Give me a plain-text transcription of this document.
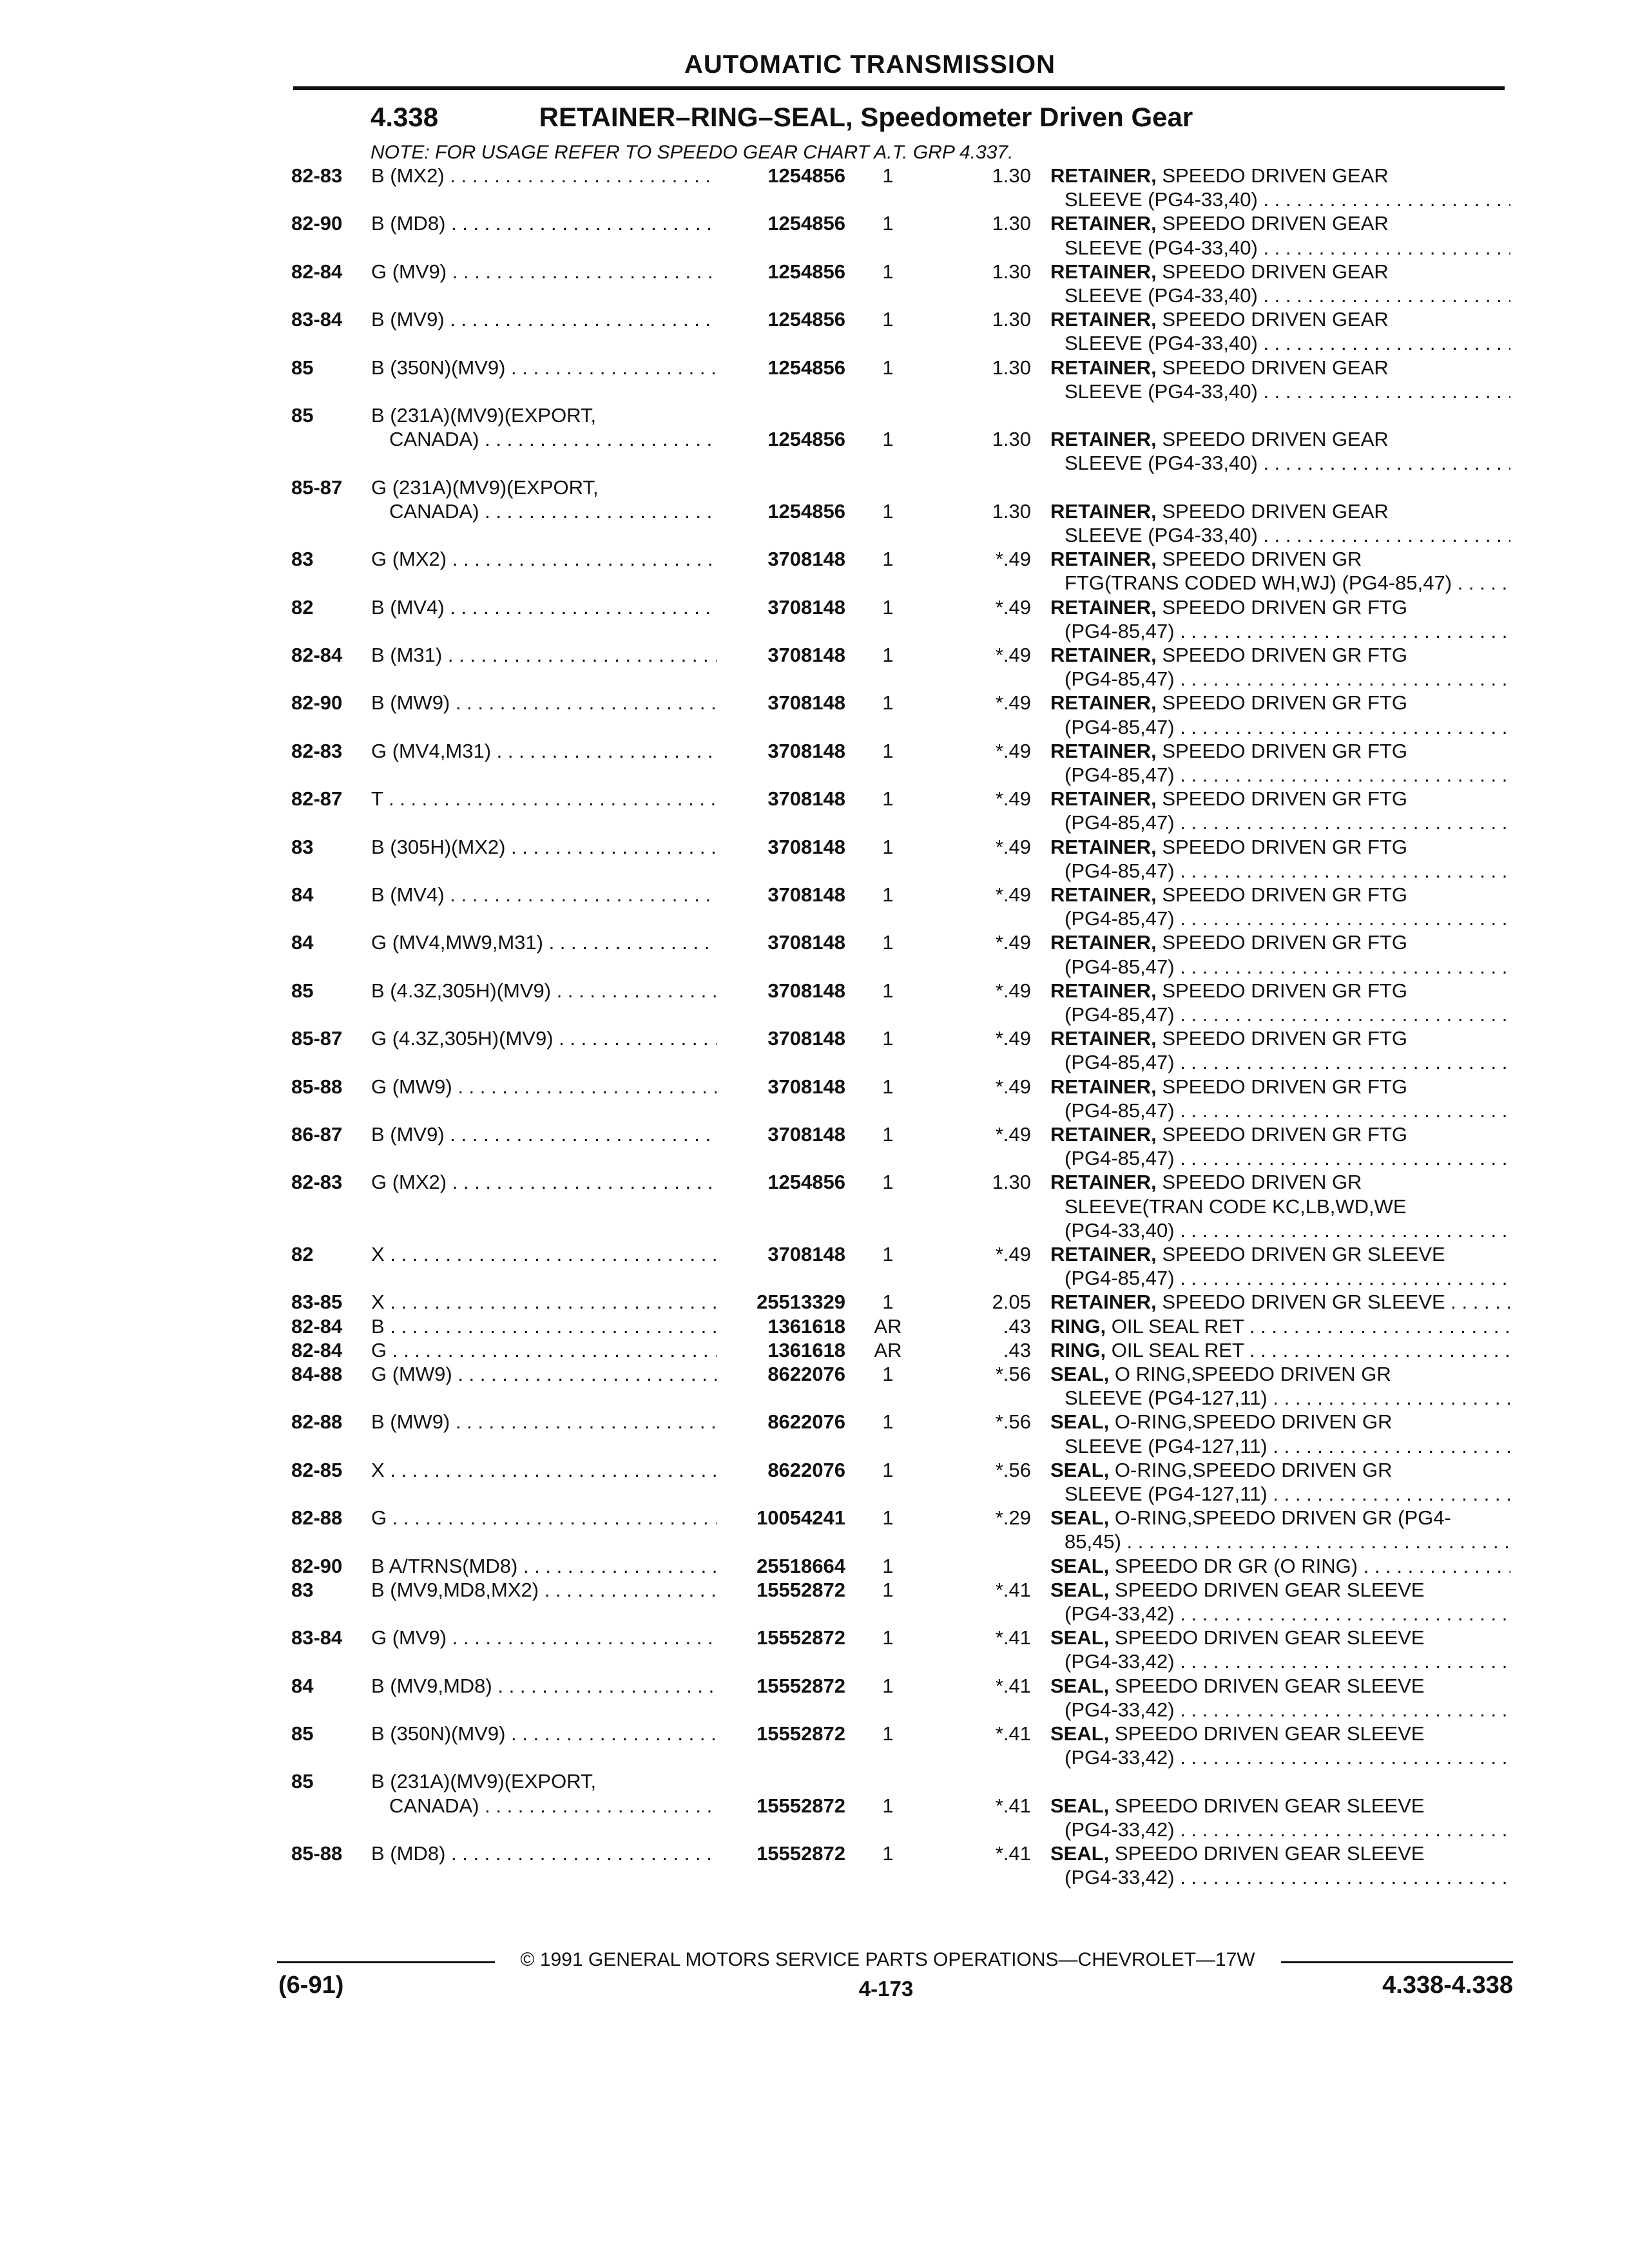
AUTOMATIC TRANSMISSION
4.338	RETAINER–RING–SEAL, Speedometer Driven Gear
NOTE: FOR USAGE REFER TO SPEEDO GEAR CHART A.T. GRP 4.337.
82-83 B (MX2) . . .	1254856	1	1.30 RETAINER, SPEEDO DRIVEN GEAR
SLEEVE (PG4-33,40) . . .
82-90 B (MD8) . . .	1254856	1	1.30 RETAINER, SPEEDO DRIVEN GEAR
SLEEVE (PG4-33,40) . . .
82-84 G (MV9) . . .	1254856	1	1.30 RETAINER, SPEEDO DRIVEN GEAR
SLEEVE (PG4-33,40) . . .
83-84 B (MV9) . . .	1254856	1	1.30 RETAINER, SPEEDO DRIVEN GEAR
SLEEVE (PG4-33,40) . . .
85	B (350N)(MV9) . . .	1254856	1	1.30 RETAINER, SPEEDO DRIVEN GEAR
SLEEVE (PG4-33,40) . . .
85	B (231A)(MV9)(EXPORT,
CANADA) . . .	1254856	1	1.30 RETAINER, SPEEDO DRIVEN GEAR
SLEEVE (PG4-33,40) . . .
85-87 G (231A)(MV9)(EXPORT,
CANADA) . . .	1254856	1	1.30 RETAINER, SPEEDO DRIVEN GEAR
SLEEVE (PG4-33,40) . . .
83	G (MX2) . . .	3708148	1	*.49 RETAINER, SPEEDO DRIVEN GR
FTG(TRANS CODED WH,WJ) (PG4-85,47) . . .
82	B (MV4) . . .	3708148	1	*.49 RETAINER, SPEEDO DRIVEN GR FTG
(PG4-85,47) . . .
82-84 B (M31) . . .	3708148	1	*.49 RETAINER, SPEEDO DRIVEN GR FTG
(PG4-85,47) . . .
82-90 B (MW9) . . .	3708148	1	*.49 RETAINER, SPEEDO DRIVEN GR FTG
(PG4-85,47) . . .
82-83 G (MV4,M31) . . .	3708148	1	*.49 RETAINER, SPEEDO DRIVEN GR FTG
(PG4-85,47) . . .
82-87 T . . .	3708148	1	*.49 RETAINER, SPEEDO DRIVEN GR FTG
(PG4-85,47) . . .
83	B (305H)(MX2) . . .	3708148	1	*.49 RETAINER, SPEEDO DRIVEN GR FTG
(PG4-85,47) . . .
84	B (MV4) . . .	3708148	1	*.49 RETAINER, SPEEDO DRIVEN GR FTG
(PG4-85,47) . . .
84	G (MV4,MW9,M31) . . .	3708148	1	*.49 RETAINER, SPEEDO DRIVEN GR FTG
(PG4-85,47) . . .
85	B (4.3Z,305H)(MV9) . . .	3708148	1	*.49 RETAINER, SPEEDO DRIVEN GR FTG
(PG4-85,47) . . .
85-87 G (4.3Z,305H)(MV9) . . .	3708148	1	*.49 RETAINER, SPEEDO DRIVEN GR FTG
(PG4-85,47) . . .
85-88 G (MW9) . . .	3708148	1	*.49 RETAINER, SPEEDO DRIVEN GR FTG
(PG4-85,47) . . .
86-87 B (MV9) . . .	3708148	1	*.49 RETAINER, SPEEDO DRIVEN GR FTG
(PG4-85,47) . . .
82-83 G (MX2) . . .	1254856	1	1.30 RETAINER, SPEEDO DRIVEN GR
SLEEVE(TRAN CODE KC,LB,WD,WE
(PG4-33,40) . . .
82	X . . .	3708148	1	*.49 RETAINER, SPEEDO DRIVEN GR SLEEVE
(PG4-85,47) . . .
83-85 X . . .	25513329	1	2.05 RETAINER, SPEEDO DRIVEN GR SLEEVE . . .
82-84 B . . .	1361618	AR	.43 RING, OIL SEAL RET . . .
82-84 G . . .	1361618	AR	.43 RING, OIL SEAL RET . . .
84-88 G (MW9) . . .	8622076	1	*.56 SEAL, O RING,SPEEDO DRIVEN GR
SLEEVE (PG4-127,11) . . .
82-88 B (MW9) . . .	8622076	1	*.56 SEAL, O-RING,SPEEDO DRIVEN GR
SLEEVE (PG4-127,11) . . .
82-85 X . . .	8622076	1	*.56 SEAL, O-RING,SPEEDO DRIVEN GR
SLEEVE (PG4-127,11) . . .
82-88 G . . .	10054241	1	*.29 SEAL, O-RING,SPEEDO DRIVEN GR (PG4-
85,45) . . .
82-90 B A/TRNS(MD8) . . .	25518664	1	SEAL, SPEEDO DR GR (O RING) . . .
83	B (MV9,MD8,MX2) . . .	15552872	1	*.41 SEAL, SPEEDO DRIVEN GEAR SLEEVE
(PG4-33,42) . . .
83-84 G (MV9) . . .	15552872	1	*.41 SEAL, SPEEDO DRIVEN GEAR SLEEVE
(PG4-33,42) . . .
84	B (MV9,MD8) . . .	15552872	1	*.41 SEAL, SPEEDO DRIVEN GEAR SLEEVE
(PG4-33,42) . . .
85	B (350N)(MV9) . . .	15552872	1	*.41 SEAL, SPEEDO DRIVEN GEAR SLEEVE
(PG4-33,42) . . .
85	B (231A)(MV9)(EXPORT,
CANADA) . . .	15552872	1	*.41 SEAL, SPEEDO DRIVEN GEAR SLEEVE
(PG4-33,42) . . .
85-88 B (MD8) . . .	15552872	1	*.41 SEAL, SPEEDO DRIVEN GEAR SLEEVE
(PG4-33,42) . . .
© 1991 GENERAL MOTORS SERVICE PARTS OPERATIONS—CHEVROLET—17W
(6-91)	4-173	4.338-4.338
